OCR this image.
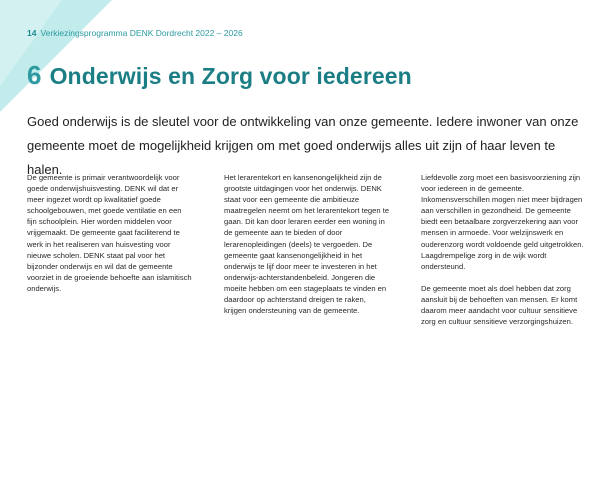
14 Verkiezingsprogramma DENK Dordrecht 2022 – 2026
6 Onderwijs en Zorg voor iedereen

Goed onderwijs is de sleutel voor de ontwikkeling van onze gemeente. Iedere inwoner van onze gemeente moet de mogelijkheid krijgen om met goed onderwijs alles uit zijn of haar leven te halen.

De gemeente is primair verantwoordelijk voor goede onderwijshuisvesting. DENK wil dat er meer ingezet wordt op kwalitatief goede schoolgebouwen, met goede ventilatie en een fijn schoolplein. Hier worden middelen voor vrijgemaakt. De gemeente gaat faciliterend te werk in het realiseren van huisvesting voor nieuwe scholen. DENK staat pal voor het bijzonder onderwijs en wil dat de gemeente voorziet in de groeiende behoefte aan islamitisch onderwijs.

Het lerarentekort en kansenongelijkheid zijn de grootste uitdagingen voor het onderwijs. DENK staat voor een gemeente die ambitieuze maatregelen neemt om het lerarentekort tegen te gaan. Dit kan door leraren eerder een woning in de gemeente aan te bieden of door lerarenopleidingen (deels) te vergoeden. De gemeente gaat kansenongelijkheid in het onderwijs te lijf door meer te investeren in het onderwijs-achterstandenbeleid. Jongeren die moeite hebben om een stageplaats te vinden en daardoor op achterstand dreigen te raken, krijgen ondersteuning van de gemeente.

Liefdevolle zorg moet een basisvoorziening zijn voor iedereen in de gemeente. Inkomensverschillen mogen niet meer bijdragen aan verschillen in gezondheid. De gemeente biedt een betaalbare zorgverzekering aan voor mensen in armoede. Voor welzijnswerk en ouderenzorg wordt voldoende geld uitgetrokken. Laagdrempelige zorg in de wijk wordt ondersteund.

De gemeente moet als doel hebben dat zorg aansluit bij de behoeften van mensen. Er komt daarom meer aandacht voor cultuur sensitieve zorg en cultuur sensitieve verzorgingshuizen.
